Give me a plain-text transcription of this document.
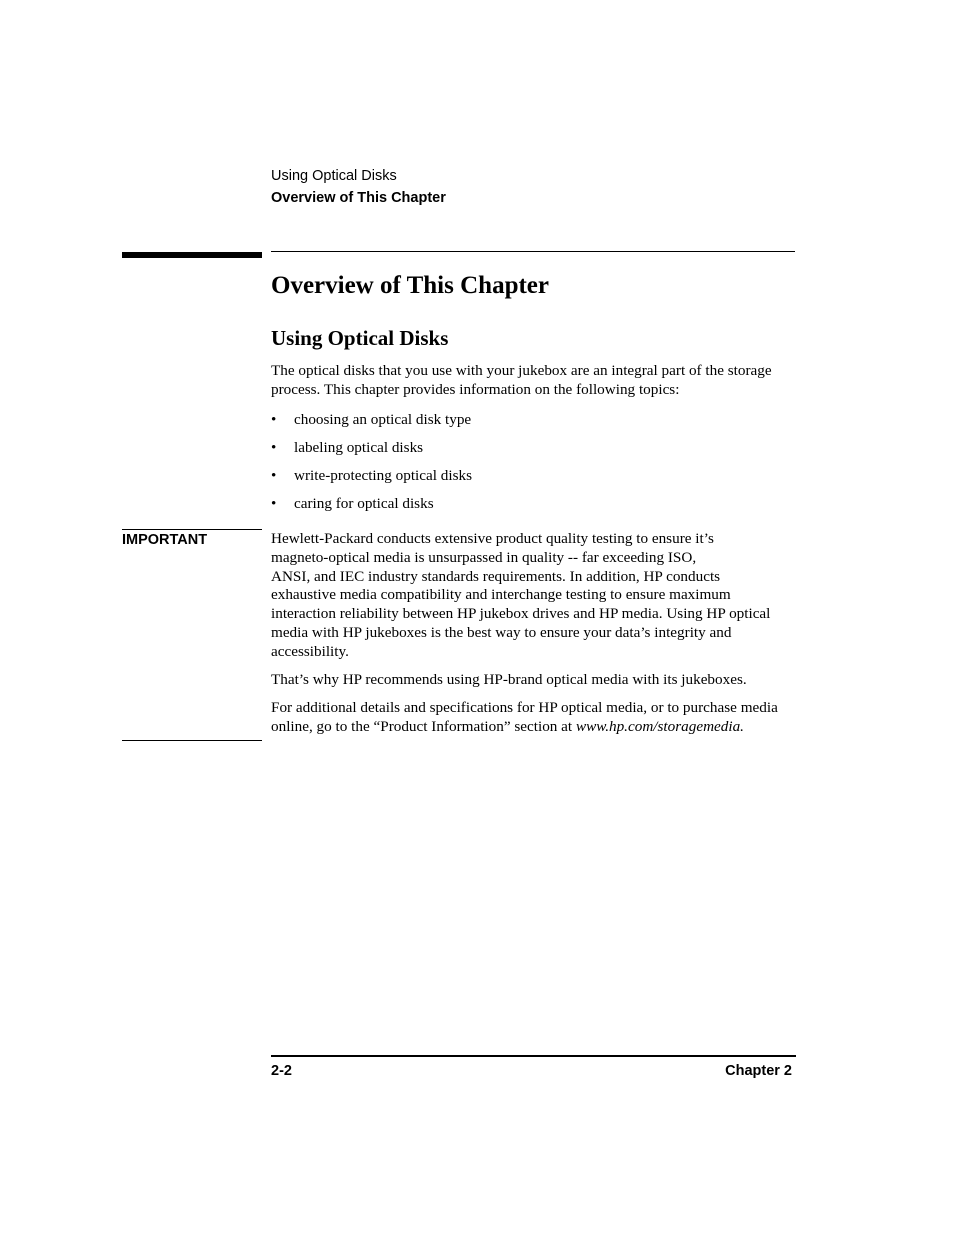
Using Optical Disks
Overview of This Chapter
Overview of This Chapter
Using Optical Disks

The optical disks that you use with your jukebox are an integral part of the storage process. This chapter provides information on the following topics:

• choosing an optical disk type
• labeling optical disks
• write-protecting optical disks
• caring for optical disks
IMPORTANT	Hewlett-Packard conducts extensive product quality testing to ensure it’s
magneto-optical media is unsurpassed in quality -- far exceeding ISO,
ANSI, and IEC industry standards requirements. In addition, HP conducts
exhaustive media compatibility and interchange testing to ensure maximum
interaction reliability between HP jukebox drives and HP media. Using HP optical
media with HP jukeboxes is the best way to ensure your data’s integrity and
accessibility.

That’s why HP recommends using HP-brand optical media with its jukeboxes.

For additional details and specifications for HP optical media, or to purchase media online, go to the “Product Information” section at www.hp.com/storagemedia.

2-2	Chapter 2
